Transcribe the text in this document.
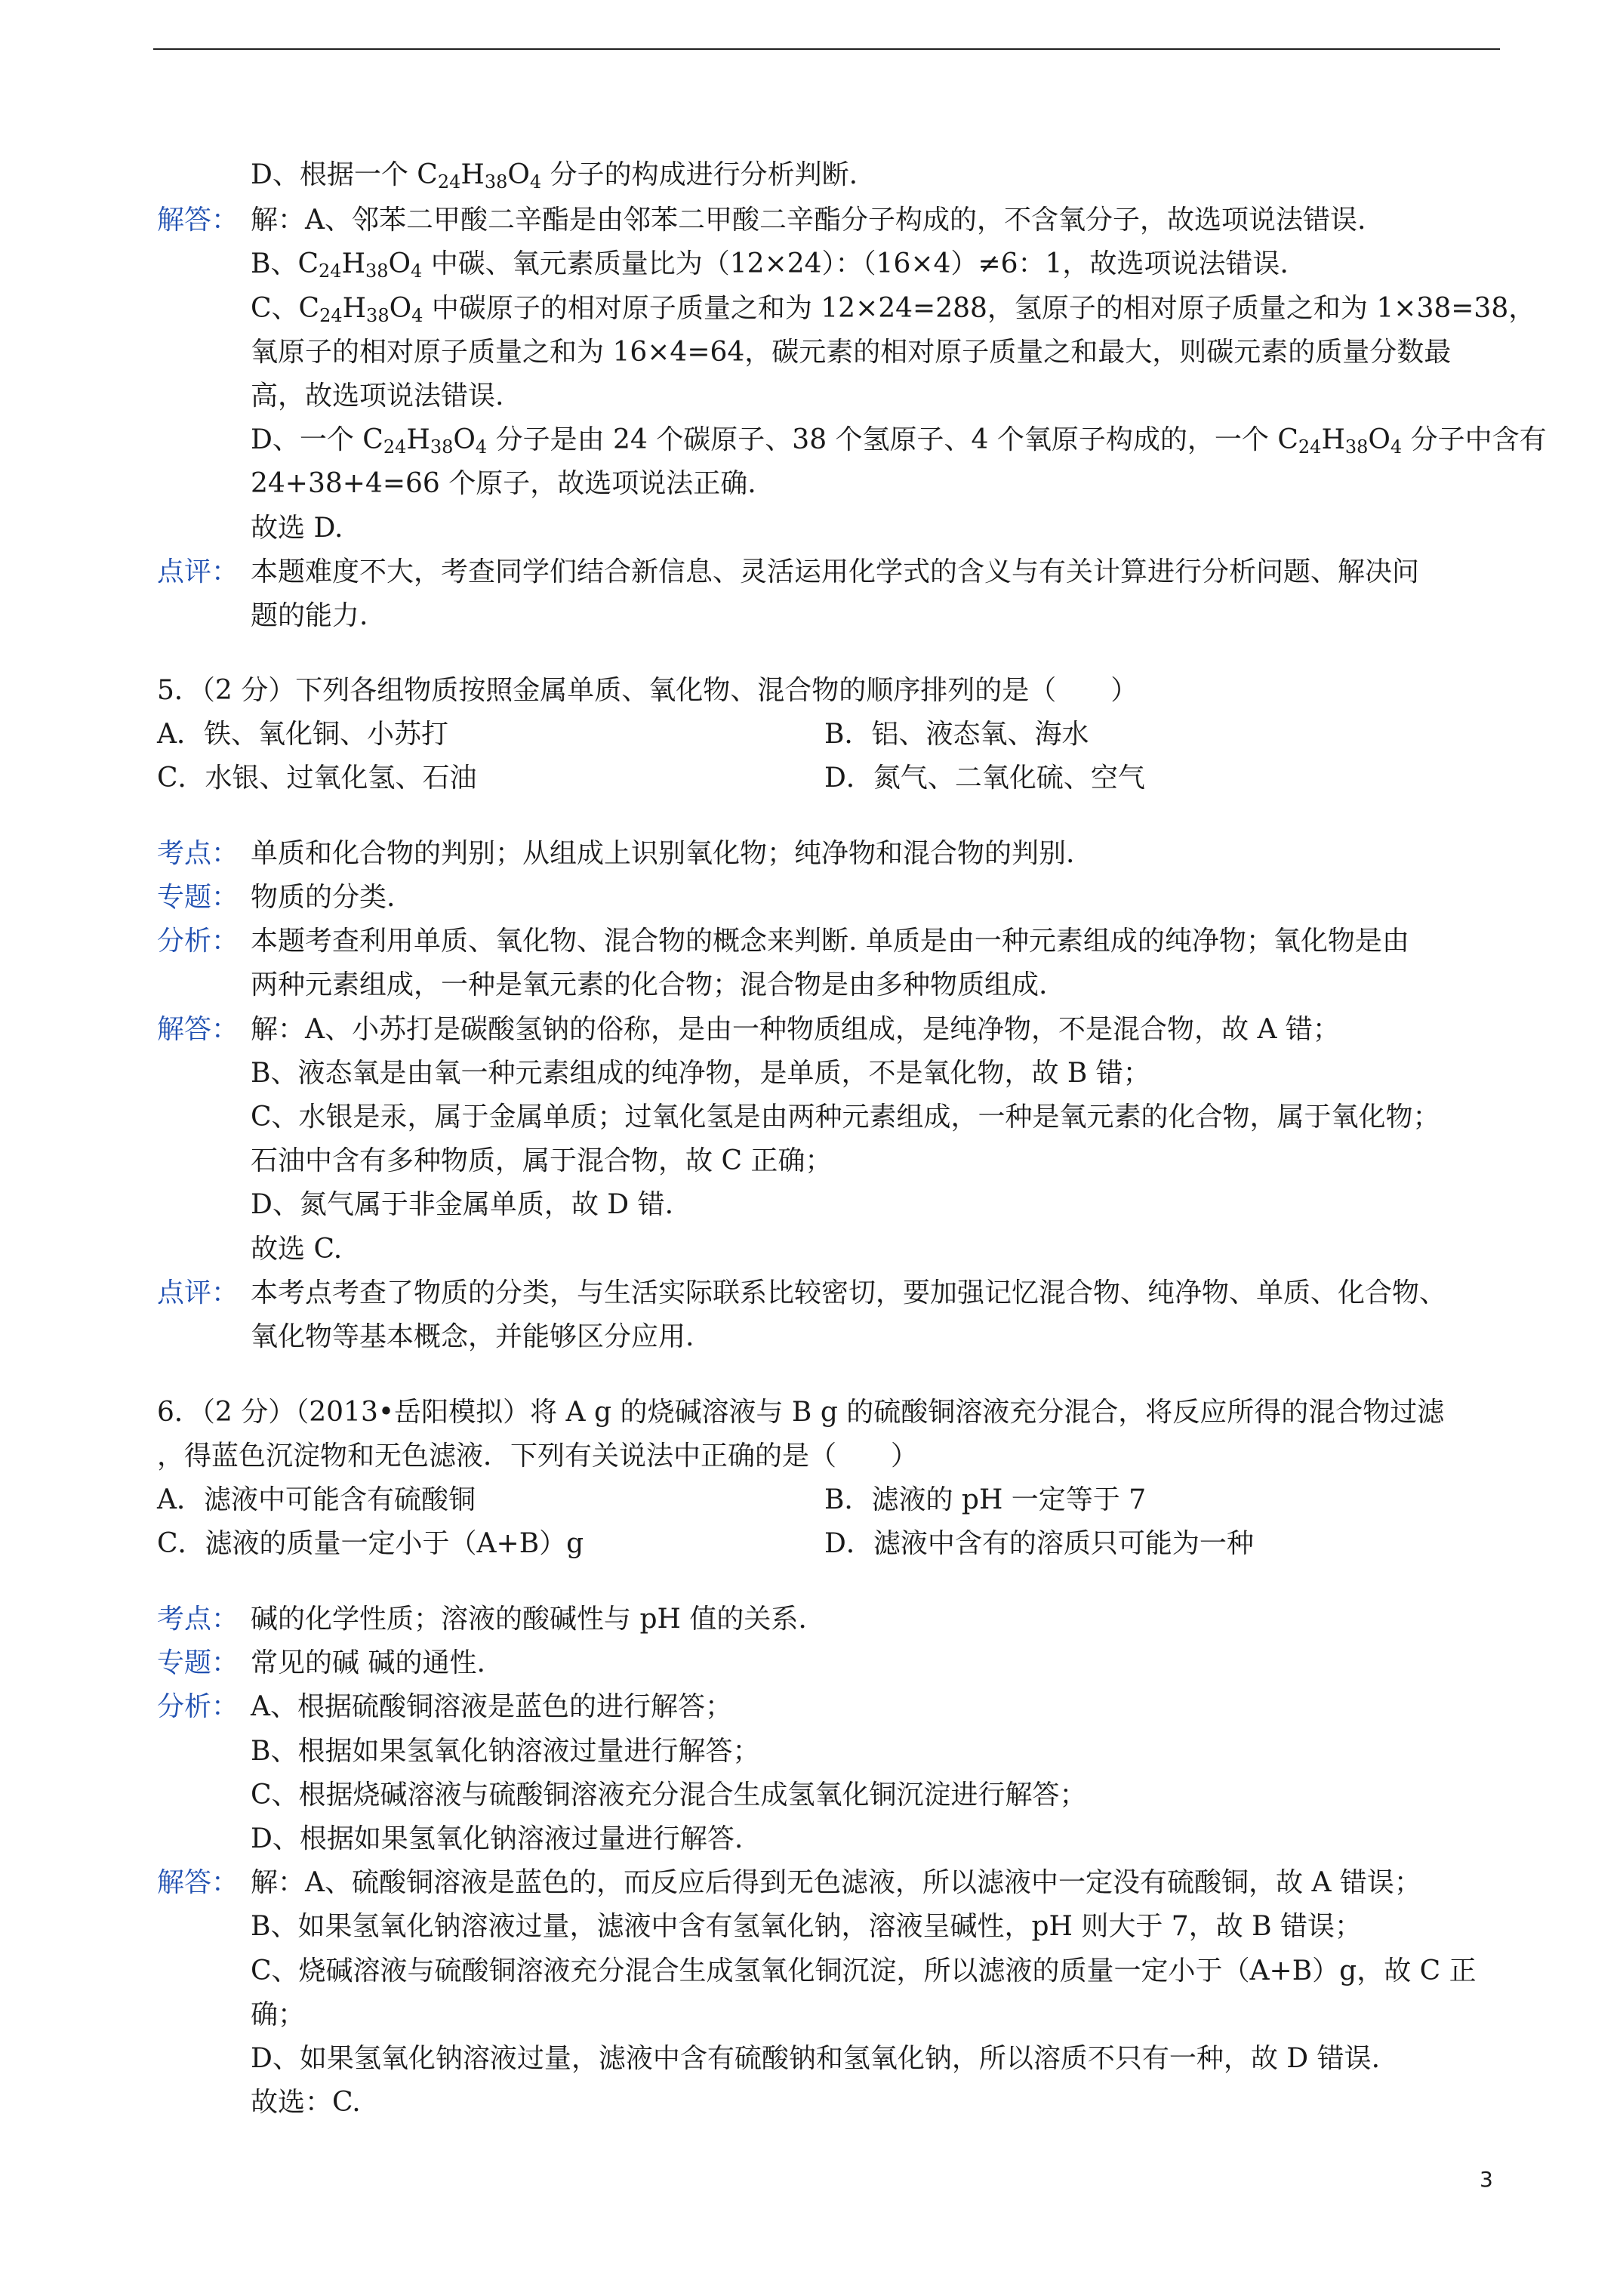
D、根据一个 $C_{24}H_{38}O_4$ 分子的构成进行分析判断.
解答： 解：A、邻苯二甲酸二辛酯是由邻苯二甲酸二辛酯分子构成的，不含氧分子，故选项说法错误.
B、$C_{24}H_{38}O_4$ 中碳、氧元素质量比为（12×24）：（16×4）≠6：1，故选项说法错误.
C、$C_{24}H_{38}O_4$ 中碳原子的相对原子质量之和为 12×24=288，氢原子的相对原子质量之和为 1×38=38，
氧原子的相对原子质量之和为 16×4=64，碳元素的相对原子质量之和最大，则碳元素的质量分数最
高，故选项说法错误.
D、一个 $C_{24}H_{38}O_4$ 分子是由 24 个碳原子、38 个氢原子、4 个氧原子构成的，一个 $C_{24}H_{38}O_4$ 分子中含有
24+38+4=66 个原子，故选项说法正确.
故选 D.
点评： 本题难度不大，考查同学们结合新信息、灵活运用化学式的含义与有关计算进行分析问题、解决问
题的能力.
5．（2 分）下列各组物质按照金属单质、氧化物、混合物的顺序排列的是（　　）
A．铁、氧化铜、小苏打	B．铝、液态氧、海水
C．水银、过氧化氢、石油	D．氮气、二氧化硫、空气
考点： 单质和化合物的判别；从组成上识别氧化物；纯净物和混合物的判别.
专题： 物质的分类.
分析： 本题考查利用单质、氧化物、混合物的概念来判断. 单质是由一种元素组成的纯净物；氧化物是由
两种元素组成，一种是氧元素的化合物；混合物是由多种物质组成.
解答： 解：A、小苏打是碳酸氢钠的俗称，是由一种物质组成，是纯净物，不是混合物，故 A 错；
B、液态氧是由氧一种元素组成的纯净物，是单质，不是氧化物，故 B 错；
C、水银是汞，属于金属单质；过氧化氢是由两种元素组成，一种是氧元素的化合物，属于氧化物；
石油中含有多种物质，属于混合物，故 C 正确；
D、氮气属于非金属单质，故 D 错.
故选 C.
点评： 本考点考查了物质的分类，与生活实际联系比较密切，要加强记忆混合物、纯净物、单质、化合物、
氧化物等基本概念，并能够区分应用.
6．（2 分）（2013•岳阳模拟）将 A g 的烧碱溶液与 B g 的硫酸铜溶液充分混合，将反应所得的混合物过滤
，得蓝色沉淀物和无色滤液．下列有关说法中正确的是（　　）
A．滤液中可能含有硫酸铜	B．滤液的 pH 一定等于 7
C．滤液的质量一定小于（A+B）g	D．滤液中含有的溶质只可能为一种
考点： 碱的化学性质；溶液的酸碱性与 pH 值的关系.
专题： 常见的碱 碱的通性.
分析： A、根据硫酸铜溶液是蓝色的进行解答；
B、根据如果氢氧化钠溶液过量进行解答；
C、根据烧碱溶液与硫酸铜溶液充分混合生成氢氧化铜沉淀进行解答；
D、根据如果氢氧化钠溶液过量进行解答.
解答： 解：A、硫酸铜溶液是蓝色的，而反应后得到无色滤液，所以滤液中一定没有硫酸铜，故 A 错误；
B、如果氢氧化钠溶液过量，滤液中含有氢氧化钠，溶液呈碱性，pH 则大于 7，故 B 错误；
C、烧碱溶液与硫酸铜溶液充分混合生成氢氧化铜沉淀，所以滤液的质量一定小于（A+B）g，故 C 正
确；
D、如果氢氧化钠溶液过量，滤液中含有硫酸钠和氢氧化钠，所以溶质不只有一种，故 D 错误.
故选：C.
3
